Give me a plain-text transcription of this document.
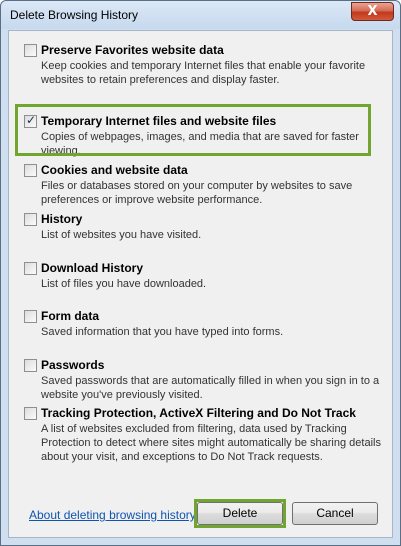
Delete Browsing History	X
Preserve Favorites website data
Keep cookies and temporary Internet files that enable your favorite websites to retain preferences and display faster.
✓ Temporary Internet files and website files
Copies of webpages, images, and media that are saved for faster viewing.
Cookies and website data
Files or databases stored on your computer by websites to save preferences or improve website performance.
History
List of websites you have visited.
Download History
List of files you have downloaded.
Form data
Saved information that you have typed into forms.
Passwords
Saved passwords that are automatically filled in when you sign in to a website you've previously visited.
Tracking Protection, ActiveX Filtering and Do Not Track
A list of websites excluded from filtering, data used by Tracking Protection to detect where sites might automatically be sharing details about your visit, and exceptions to Do Not Track requests.
About deleting browsing history	Delete	Cancel
